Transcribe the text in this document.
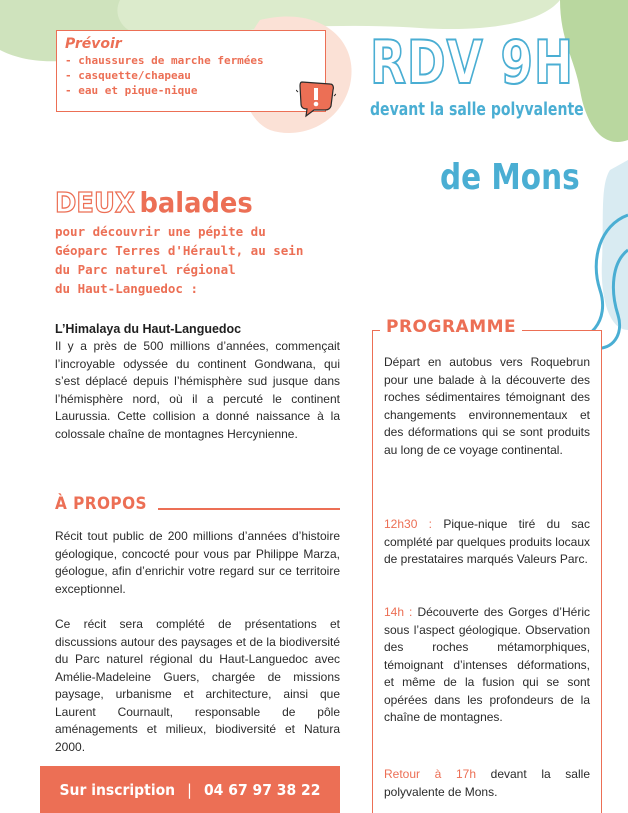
Prévoir
- chaussures de marche fermées
- casquette/chapeau
- eau et pique-nique	RDV 9H
devant la salle polyvalente
de Mons
DEUX balades
pour découvrir une pépite du
Géoparc Terres d'Hérault, au sein
du Parc naturel régional
du Haut-Languedoc :

L’Himalaya du Haut-Languedoc

Il y a près de 500 millions d’années, commençait l’incroyable odyssée du continent Gondwana, qui s’est déplacé depuis l’hémisphère sud jusque dans l’hémisphère nord, où il a percuté le continent Laurussia. Cette collision a donné naissance à la colossale chaîne de montagnes Hercynienne.

À PROPOS

Récit tout public de 200 millions d’années d’histoire géologique, concocté pour vous par Philippe Marza, géologue, afin d’enrichir votre regard sur ce territoire exceptionnel.

Ce récit sera complété de présentations et discussions autour des paysages et de la biodiversité du Parc naturel régional du Haut-Languedoc avec Amélie-Madeleine Guers, chargée de missions paysage, urbanisme et architecture, ainsi que Laurent Cournault, responsable de pôle aménagements et milieux, biodiversité et Natura 2000.

PROGRAMME

Départ en autobus vers Roquebrun pour une balade à la découverte des roches sédimentaires témoignant des changements environnementaux et des déformations qui se sont produits au long de ce voyage continental.

12h30 : Pique-nique tiré du sac complété par quelques produits locaux de prestataires marqués Valeurs Parc.

14h : Découverte des Gorges d’Héric sous l’aspect géologique. Observation des roches métamorphiques, témoignant d’intenses déformations, et même de la fusion qui se sont opérées dans les profondeurs de la chaîne de montagnes.

Retour à 17h devant la salle polyvalente de Mons.

Sur inscription | 04 67 97 38 22
